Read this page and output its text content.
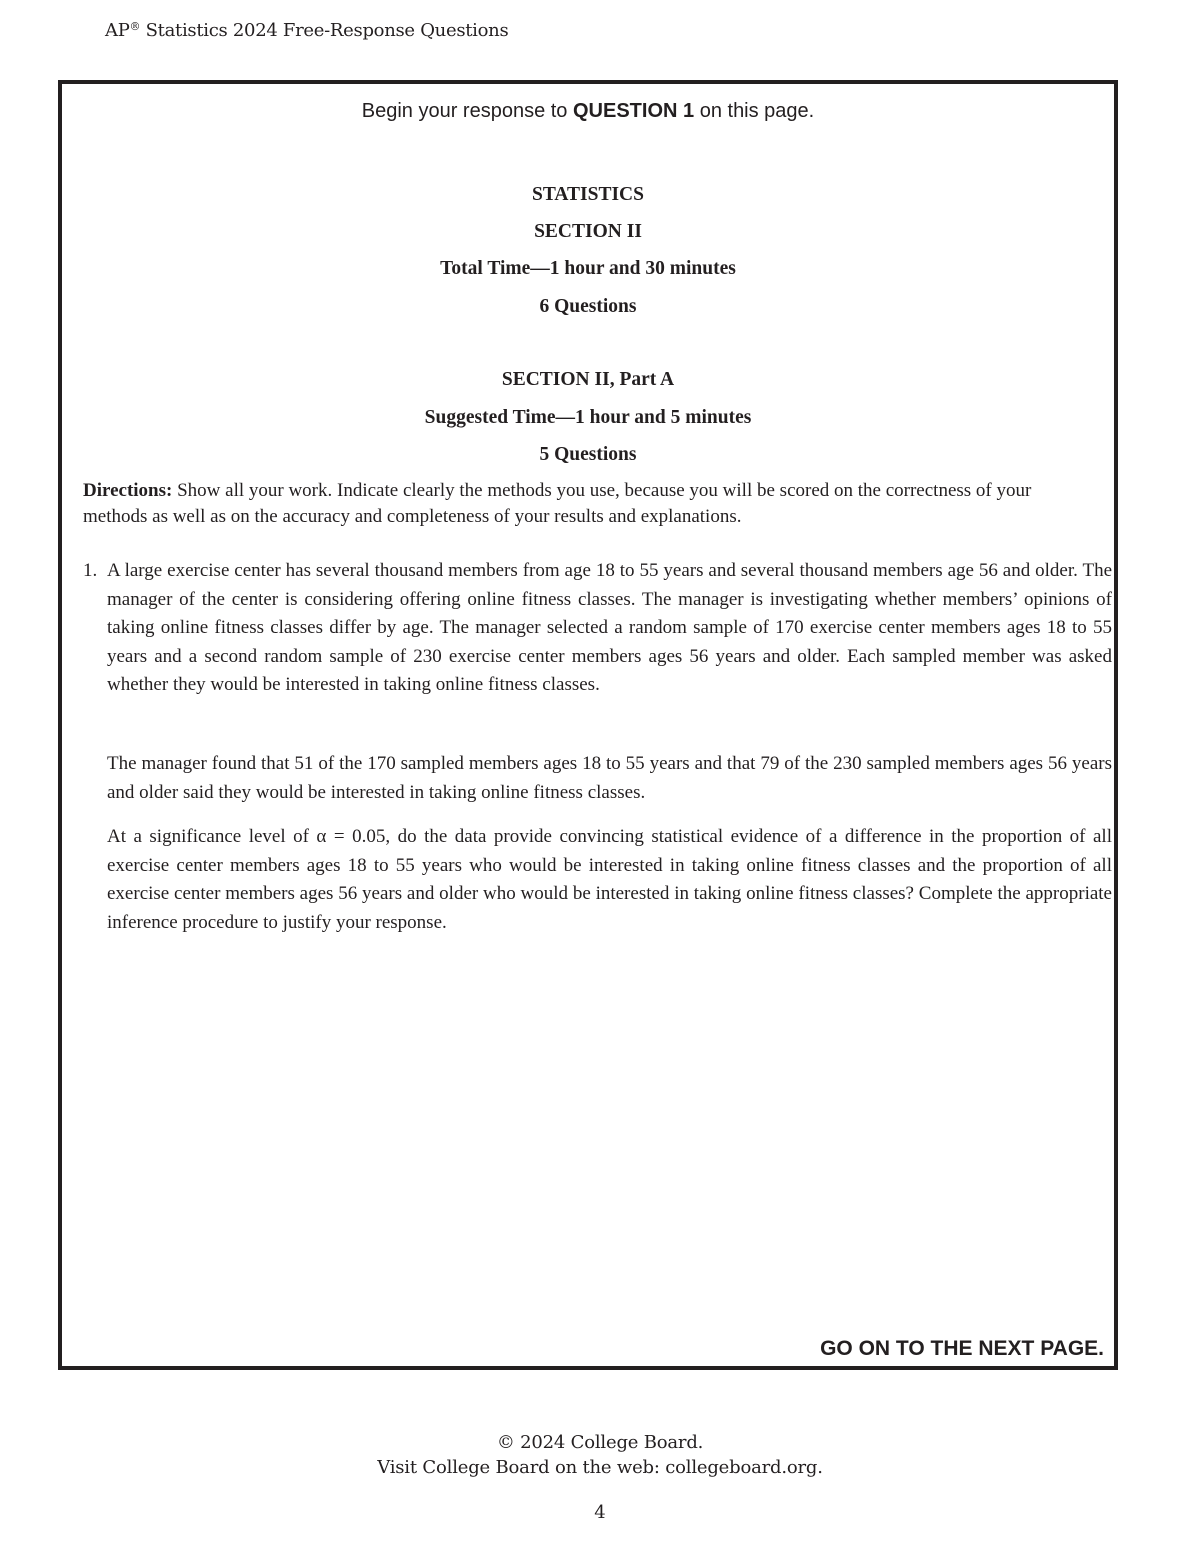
AP® Statistics 2024 Free-Response Questions
Begin your response to QUESTION 1 on this page.
STATISTICS
SECTION II
Total Time—1 hour and 30 minutes
6 Questions
SECTION II, Part A
Suggested Time—1 hour and 5 minutes
5 Questions
Directions: Show all your work. Indicate clearly the methods you use, because you will be scored on the correctness of your methods as well as on the accuracy and completeness of your results and explanations.
1. A large exercise center has several thousand members from age 18 to 55 years and several thousand members age 56 and older. The manager of the center is considering offering online fitness classes. The manager is investigating whether members’ opinions of taking online fitness classes differ by age. The manager selected a random sample of 170 exercise center members ages 18 to 55 years and a second random sample of 230 exercise center members ages 56 years and older. Each sampled member was asked whether they would be interested in taking online fitness classes.
The manager found that 51 of the 170 sampled members ages 18 to 55 years and that 79 of the 230 sampled members ages 56 years and older said they would be interested in taking online fitness classes.
At a significance level of α = 0.05, do the data provide convincing statistical evidence of a difference in the proportion of all exercise center members ages 18 to 55 years who would be interested in taking online fitness classes and the proportion of all exercise center members ages 56 years and older who would be interested in taking online fitness classes? Complete the appropriate inference procedure to justify your response.
GO ON TO THE NEXT PAGE.
© 2024 College Board.
Visit College Board on the web: collegeboard.org.
4
